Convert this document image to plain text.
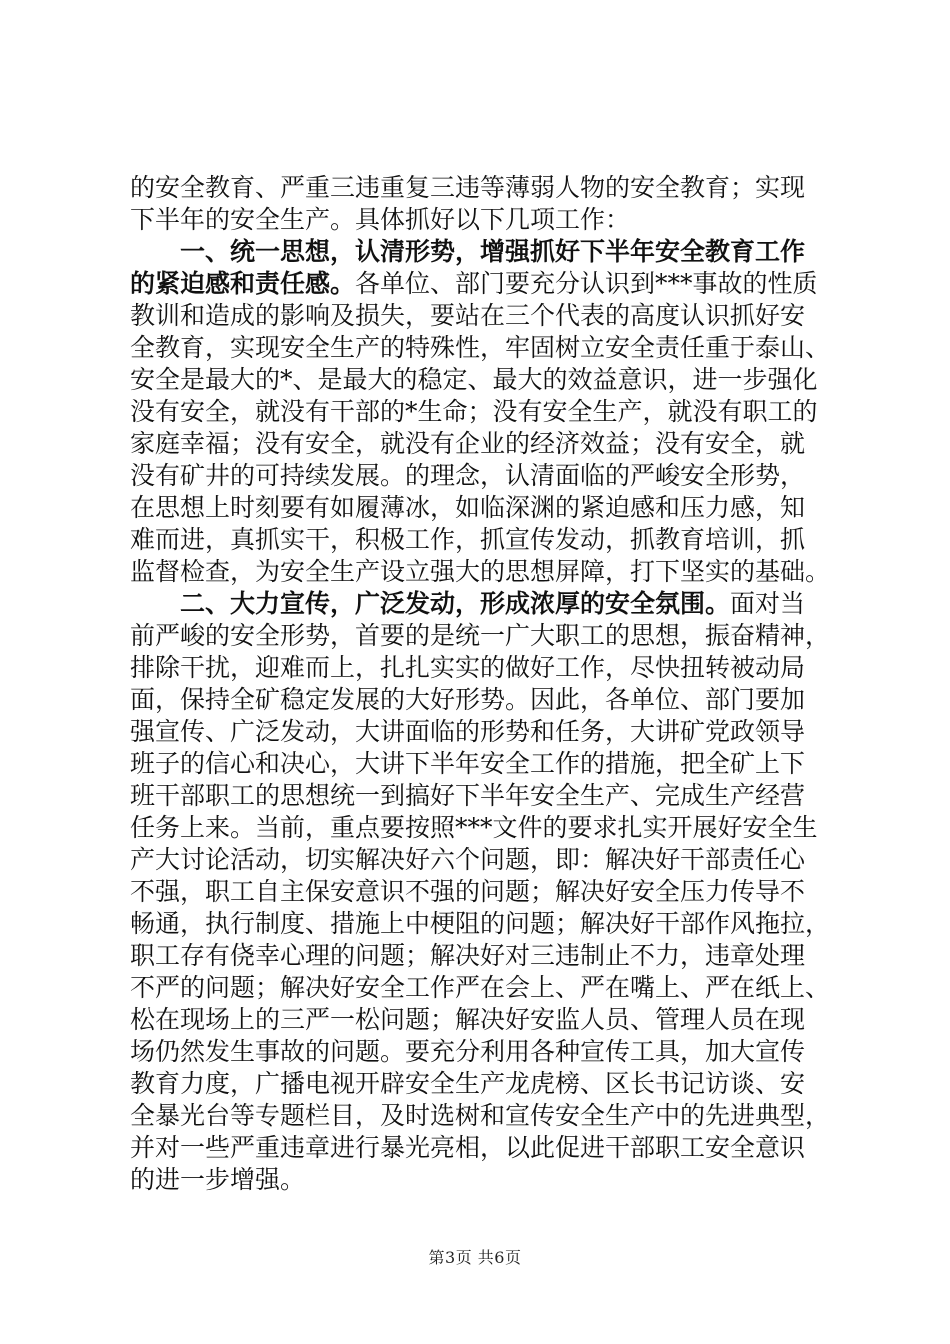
的安全教育、严重三违重复三违等薄弱人物的安全教育；实现
下半年的安全生产。具体抓好以下几项工作：
一、统一思想，认清形势，增强抓好下半年安全教育工作
的紧迫感和责任感。各单位、部门要充分认识到***事故的性质
教训和造成的影响及损失，要站在三个代表的高度认识抓好安
全教育，实现安全生产的特殊性，牢固树立安全责任重于泰山、
安全是最大的*、是最大的稳定、最大的效益意识，进一步强化
没有安全，就没有干部的*生命；没有安全生产，就没有职工的
家庭幸福；没有安全，就没有企业的经济效益；没有安全，就
没有矿井的可持续发展。的理念，认清面临的严峻安全形势，
在思想上时刻要有如履薄冰，如临深渊的紧迫感和压力感，知
难而进，真抓实干，积极工作，抓宣传发动，抓教育培训，抓
监督检查，为安全生产设立强大的思想屏障，打下坚实的基础。
二、大力宣传，广泛发动，形成浓厚的安全氛围。面对当
前严峻的安全形势，首要的是统一广大职工的思想，振奋精神，
排除干扰，迎难而上，扎扎实实的做好工作，尽快扭转被动局
面，保持全矿稳定发展的大好形势。因此，各单位、部门要加
强宣传、广泛发动，大讲面临的形势和任务，大讲矿党政领导
班子的信心和决心，大讲下半年安全工作的措施，把全矿上下
班干部职工的思想统一到搞好下半年安全生产、完成生产经营
任务上来。当前，重点要按照***文件的要求扎实开展好安全生
产大讨论活动，切实解决好六个问题，即：解决好干部责任心
不强，职工自主保安意识不强的问题；解决好安全压力传导不
畅通，执行制度、措施上中梗阻的问题；解决好干部作风拖拉，
职工存有侥幸心理的问题；解决好对三违制止不力，违章处理
不严的问题；解决好安全工作严在会上、严在嘴上、严在纸上、
松在现场上的三严一松问题；解决好安监人员、管理人员在现
场仍然发生事故的问题。要充分利用各种宣传工具，加大宣传
教育力度，广播电视开辟安全生产龙虎榜、区长书记访谈、安
全暴光台等专题栏目，及时选树和宣传安全生产中的先进典型，
并对一些严重违章进行暴光亮相，以此促进干部职工安全意识
的进一步增强。
第3页 共6页
